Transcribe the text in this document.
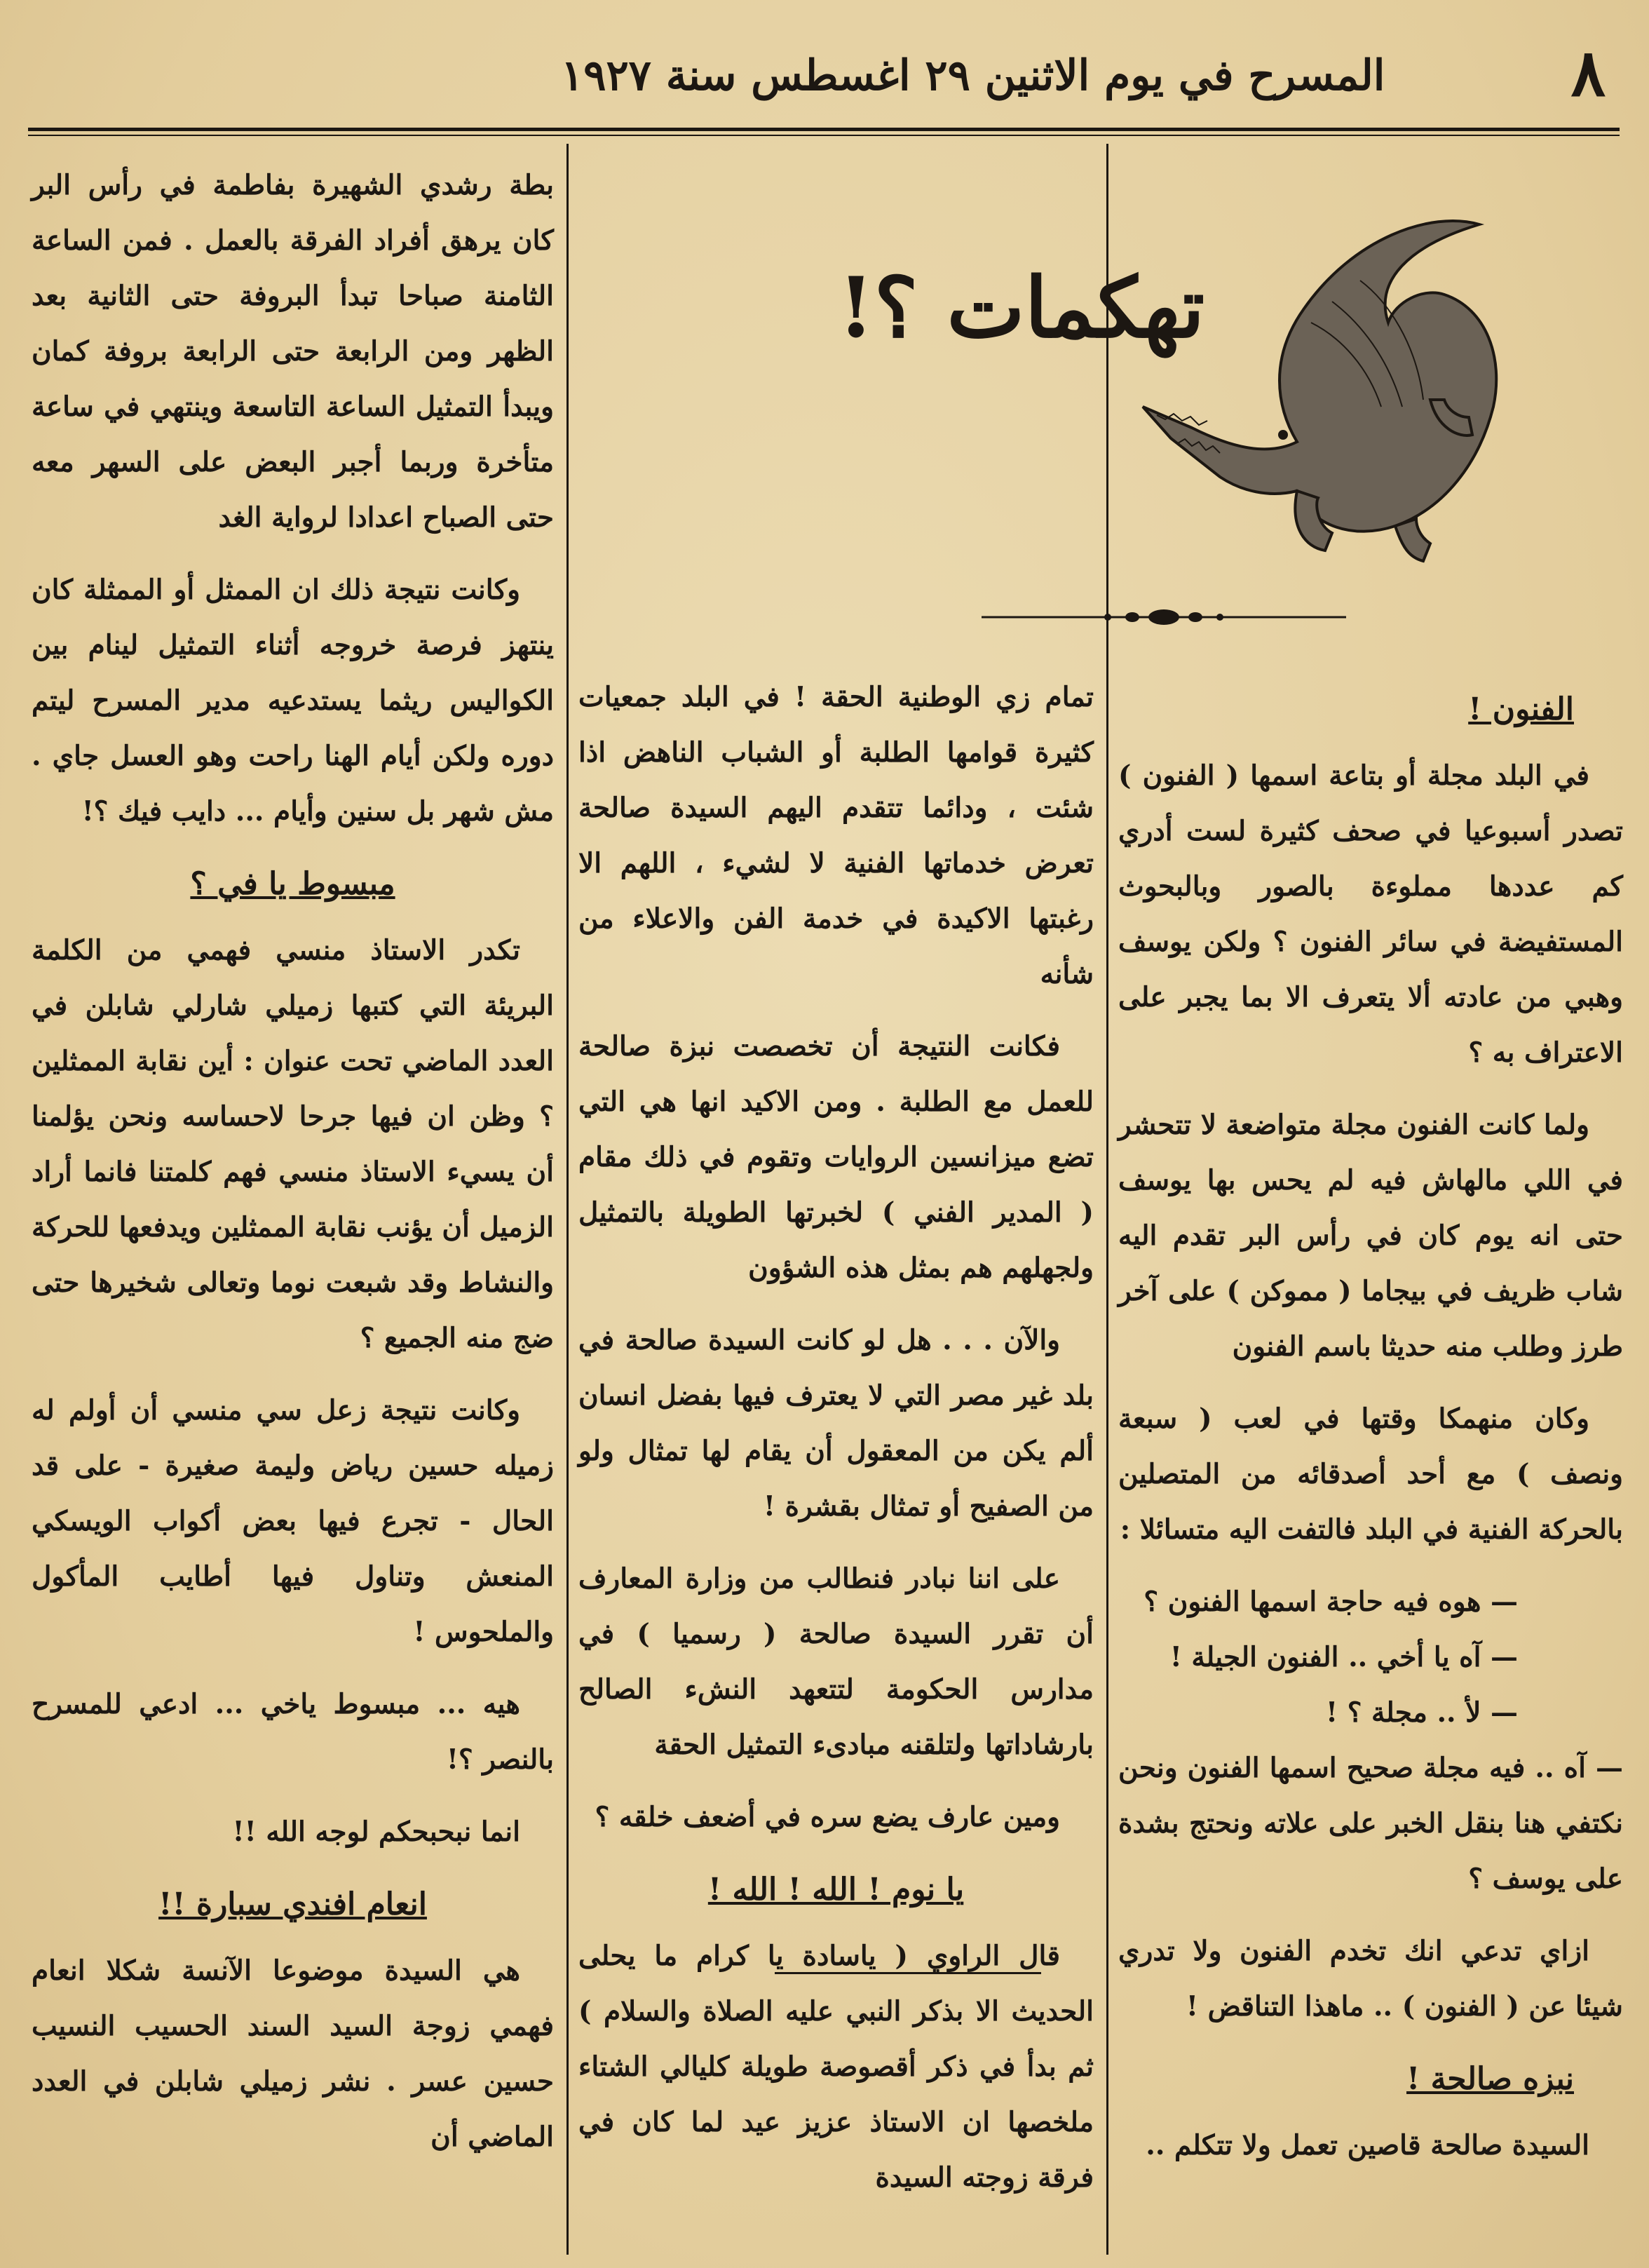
٨
المسرح في يوم الاثنين ٢٩ اغسطس سنة ١٩٢٧
تهكمات ؟!
الفنون !

في البلد مجلة أو بتاعة اسمها ( الفنون ) تصدر أسبوعيا في صحف كثيرة لست أدري كم عددها مملوءة بالصور وبالبحوث المستفيضة في سائر الفنون ؟ ولكن يوسف وهبي من عادته ألا يتعرف الا بما يجبر على الاعتراف به ؟

ولما كانت الفنون مجلة متواضعة لا تتحشر في اللي مالهاش فيه لم يحس بها يوسف حتى انه يوم كان في رأس البر تقدم اليه شاب ظريف في بيجاما ( مموكن ) على آخر طرز وطلب منه حديثا باسم الفنون

وكان منهمكا وقتها في لعب ( سبعة ونصف ) مع أحد أصدقائه من المتصلين بالحركة الفنية في البلد فالتفت اليه متسائلا :

— هوه فيه حاجة اسمها الفنون ؟

— آه يا أخي .. الفنون الجيلة !

— لأ .. مجلة ؟ !

— آه .. فيه مجلة صحيح اسمها الفنون ونحن نكتفي هنا بنقل الخبر على علاته ونحتج بشدة على يوسف ؟

ازاي تدعي انك تخدم الفنون ولا تدري شيئا عن ( الفنون ) .. ماهذا التناقض !

نبزه صالحة !

السيدة صالحة قاصين تعمل ولا تتكلم ..

تمام زي الوطنية الحقة ! في البلد جمعيات كثيرة قوامها الطلبة أو الشباب الناهض اذا شئت ، ودائما تتقدم اليهم السيدة صالحة تعرض خدماتها الفنية لا لشيء ، اللهم الا رغبتها الاكيدة في خدمة الفن والاعلاء من شأنه

فكانت النتيجة أن تخصصت نبزة صالحة للعمل مع الطلبة . ومن الاكيد انها هي التي تضع ميزانسين الروايات وتقوم في ذلك مقام ( المدير الفني ) لخبرتها الطويلة بالتمثيل ولجهلهم هم بمثل هذه الشؤون

والآن . . . هل لو كانت السيدة صالحة في بلد غير مصر التي لا يعترف فيها بفضل انسان ألم يكن من المعقول أن يقام لها تمثال ولو من الصفيح أو تمثال بقشرة !

على اننا نبادر فنطالب من وزارة المعارف أن تقرر السيدة صالحة ( رسميا ) في مدارس الحكومة لتتعهد النشء الصالح بارشاداتها ولتلقنه مبادىء التمثيل الحقة

ومين عارف يضع سره في أضعف خلقه ؟

يا نوم ! الله ! الله !

قال الراوي ( ياسادة يا كرام ما يحلى الحديث الا بذكر النبي عليه الصلاة والسلام ) ثم بدأ في ذكر أقصوصة طويلة كليالي الشتاء ملخصها ان الاستاذ عزيز عيد لما كان في فرقة زوجته السيدة

بطة رشدي الشهيرة بفاطمة في رأس البر كان يرهق أفراد الفرقة بالعمل . فمن الساعة الثامنة صباحا تبدأ البروفة حتى الثانية بعد الظهر ومن الرابعة حتى الرابعة بروفة كمان ويبدأ التمثيل الساعة التاسعة وينتهي في ساعة متأخرة وربما أجبر البعض على السهر معه حتى الصباح اعدادا لرواية الغد

وكانت نتيجة ذلك ان الممثل أو الممثلة كان ينتهز فرصة خروجه أثناء التمثيل لينام بين الكواليس ريثما يستدعيه مدير المسرح ليتم دوره ولكن أيام الهنا راحت وهو العسل جاي . مش شهر بل سنين وأيام ... دايب فيك ؟!

مبسوط يا في ؟

تكدر الاستاذ منسي فهمي من الكلمة البريئة التي كتبها زميلي شارلي شابلن في العدد الماضي تحت عنوان : أين نقابة الممثلين ؟ وظن ان فيها جرحا لاحساسه ونحن يؤلمنا أن يسيء الاستاذ منسي فهم كلمتنا فانما أراد الزميل أن يؤنب نقابة الممثلين ويدفعها للحركة والنشاط وقد شبعت نوما وتعالى شخيرها حتى ضج منه الجميع ؟

وكانت نتيجة زعل سي منسي أن أولم له زميله حسين رياض وليمة صغيرة - على قد الحال - تجرع فيها بعض أكواب الويسكي المنعش وتناول فيها أطايب المأكول والملحوس !

هيه ... مبسوط ياخي ... ادعي للمسرح بالنصر ؟!

انما نبحبحكم لوجه الله !!

انعام افندي سبارة !!

هي السيدة موضوعا الآنسة شكلا انعام فهمي زوجة السيد السند الحسيب النسيب حسين عسر . نشر زميلي شابلن في العدد الماضي أن
